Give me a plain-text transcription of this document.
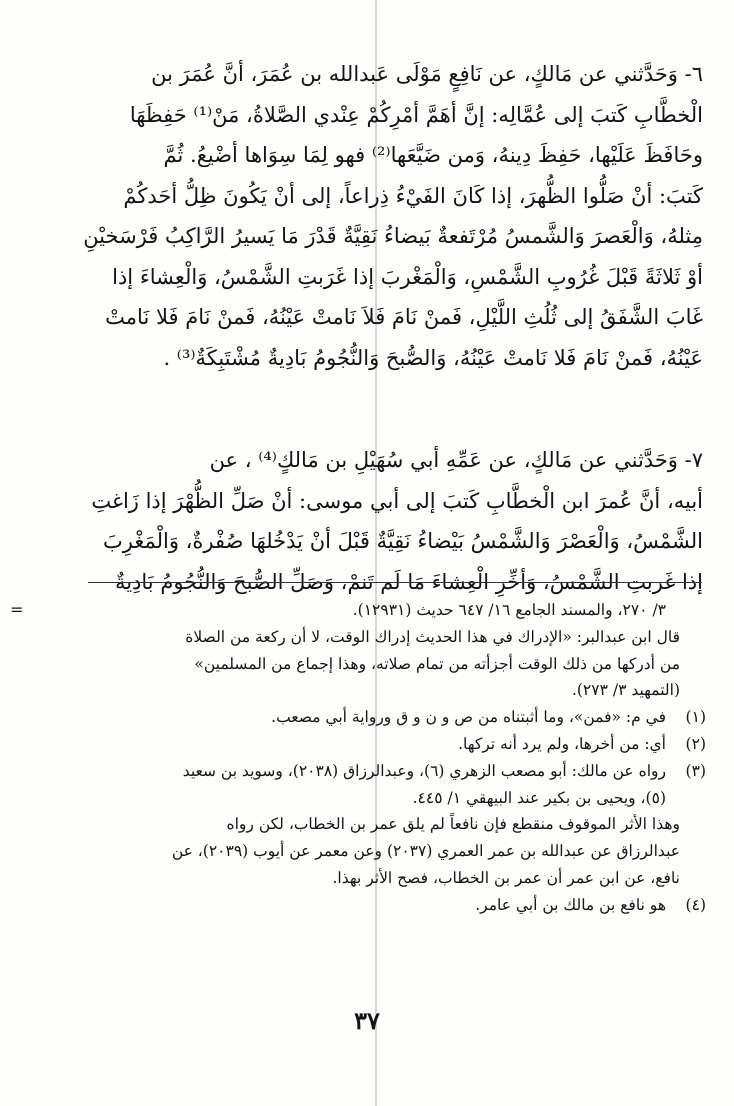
٦- وَحَدَّثني عن مَالكٍ، عن نَافِعٍ مَوْلَى عَبدالله بن عُمَرَ، أنَّ عُمَرَ بن
الْخطَّابِ كَتبَ إلى عُمَّالِه: إنَّ أهَمَّ أمْرِكُمْ عِنْدي الصَّلاةُ، مَنْ⁽¹⁾ حَفِظَهَا
وحَافَظَ عَلَيْها، حَفِظَ دِينهُ، وَمن ضَيَّعَها⁽²⁾ فهو لِمَا سِوَاها أضْيعُ. ثُمَّ
كَتبَ: أنْ صَلُّوا الظُّهرَ، إذا كَانَ الفَيْءُ ذِراعاً، إلى أنْ يَكُونَ ظِلُّ أحَدكُمْ
مِثلهُ، وَالْعَصرَ وَالشَّمسُ مُرْتَفعةٌ بَيضاءُ نَقِيَّةٌ قَدْرَ مَا يَسيرُ الرَّاكِبُ فَرْسَخيْنِ
أوْ ثَلاثَةً قَبْلَ غُرُوبِ الشَّمْسِ، وَالْمَغْربَ إذا غَرَبتِ الشَّمْسُ، وَالْعِشاءَ إذا
غَابَ الشَّفَقُ إلى ثُلُثِ اللَّيْلِ، فَمنْ نَامَ فَلاَ نَامتْ عَيْنُهُ، فَمنْ نَامَ فَلا نَامتْ
عَيْنُهُ، فَمنْ نَامَ فَلا نَامتْ عَيْنُهُ، وَالصُّبحَ وَالنُّجُومُ بَادِيةٌ مُشْتَبِكَةٌ⁽³⁾ .
٧- وَحَدَّثني عن مَالكٍ، عن عَمِّهِ أبي سُهَيْلِ بن مَالكٍ⁽⁴⁾ ، عن
أبيه، أنَّ عُمرَ ابن الْخطَّابِ كَتبَ إلى أبي موسى: أنْ صَلِّ الظُّهْرَ إذا زَاغتِ
الشَّمْسُ، وَالْعَصْرَ وَالشَّمْسُ بَيْضاءُ نَقِيَّةٌ قَبْلَ أنْ يَدْخُلهَا صُفْرةٌ، وَالْمَغْرِبَ
إذا غَربتِ الشَّمْسُ، وَأخِّرِ الْعِشاءَ مَا لَم تَنمْ، وَصَلِّ الصُّبحَ وَالنُّجُومُ بَادِيةٌ
=	٣/ ٢٧٠، والمسند الجامع ١٦/ ٦٤٧ حديث (١٢٩٣١).

قال ابن عبدالبر: «الإدراك في هذا الحديث إدراك الوقت، لا أن ركعة من الصلاة

من أدركها من ذلك الوقت أجزأته من تمام صلاته، وهذا إجماع من المسلمين»

(التمهيد ٣/ ٢٧٣).

(١)

في م: «فمن»، وما أثبتناه من ص و ن و ق ورواية أبي مصعب.

(٢)

أي: من أخرها، ولم يرد أنه تركها.

(٣)

رواه عن مالك: أبو مصعب الزهري (٦)، وعبدالرزاق (٢٠٣٨)، وسويد بن سعيد

(٥)، ويحيى بن بكير عند البيهقي ١/ ٤٤٥.

وهذا الأثر الموقوف منقطع فإن نافعاً لم يلق عمر بن الخطاب، لكن رواه

عبدالرزاق عن عبدالله بن عمر العمري (٢٠٣٧) وعن معمر عن أيوب (٢٠٣٩)، عن

نافع، عن ابن عمر أن عمر بن الخطاب، فصح الأثر بهذا.

(٤)

هو نافع بن مالك بن أبي عامر.

٣٧
